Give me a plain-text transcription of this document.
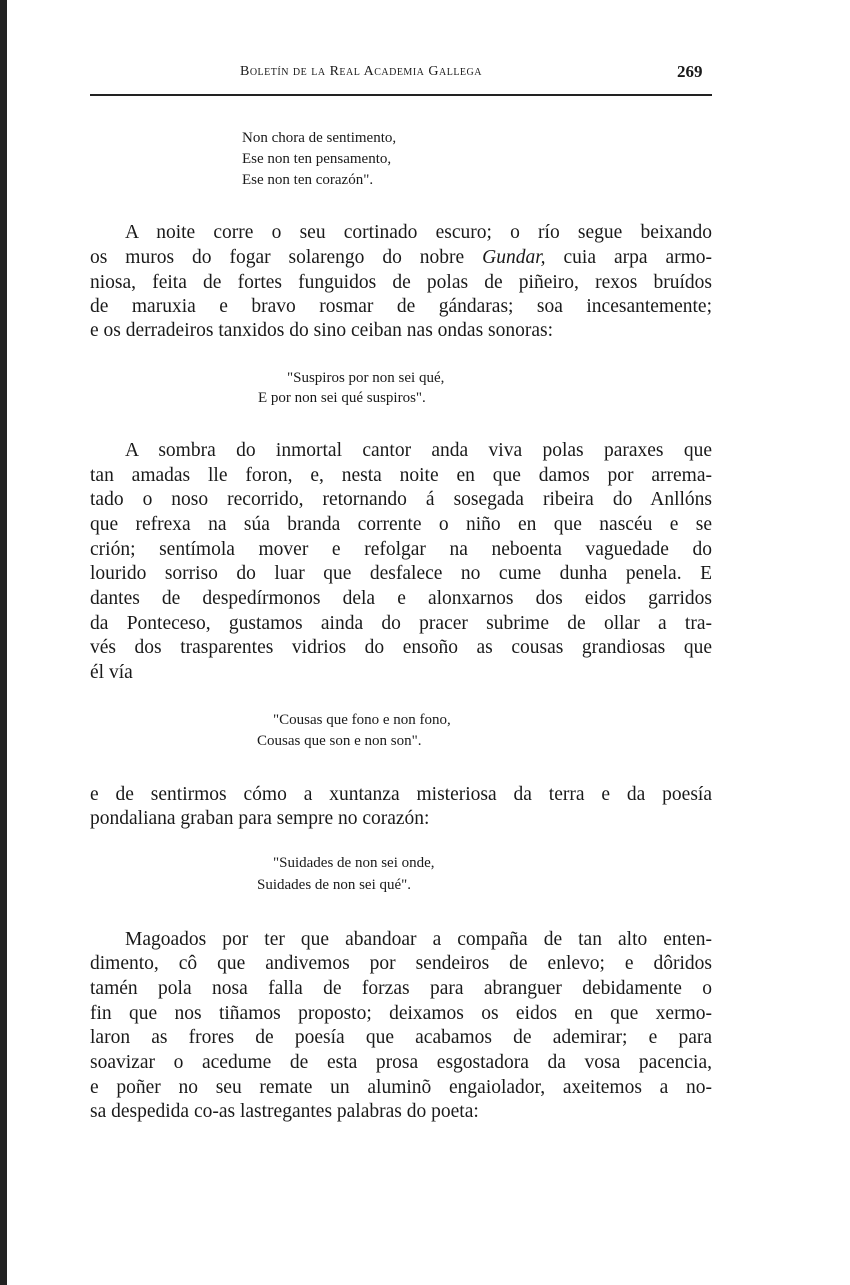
Boletín de la Real Academia Gallega	269
Non chora de sentimento,
Ese non ten pensamento,
Ese non ten corazón".
A noite corre o seu cortinado escuro; o río segue beixando
os muros do fogar solarengo do nobre Gundar, cuia arpa armo-
niosa, feita de fortes funguidos de polas de piñeiro, rexos bruídos
de maruxia e bravo rosmar de gándaras; soa incesantemente;
e os derradeiros tanxidos do sino ceiban nas ondas sonoras:
"Suspiros por non sei qué,
E por non sei qué suspiros".
A sombra do inmortal cantor anda viva polas paraxes que
tan amadas lle foron, e, nesta noite en que damos por arrema-
tado o noso recorrido, retornando á sosegada ribeira do Anllóns
que refrexa na súa branda corrente o niño en que nascéu e se
crión; sentímola mover e refolgar na neboenta vaguedade do
lourido sorriso do luar que desfalece no cume dunha penela. E
dantes de despedírmonos dela e alonxarnos dos eidos garridos
da Ponteceso, gustamos ainda do pracer subrime de ollar a tra-
vés dos trasparentes vidrios do ensoño as cousas grandiosas que
él vía
"Cousas que fono e non fono,
Cousas que son e non son".
e de sentirmos cómo a xuntanza misteriosa da terra e da poesía
pondaliana graban para sempre no corazón:
"Suidades de non sei onde,
Suidades de non sei qué".
Magoados por ter que abandoar a compaña de tan alto enten-
dimento, cô que andivemos por sendeiros de enlevo; e dôridos
tamén pola nosa falla de forzas para abranguer debidamente o
fin que nos tiñamos proposto; deixamos os eidos en que xermo-
laron as frores de poesía que acabamos de ademirar; e para
soavizar o acedume de esta prosa esgostadora da vosa pacencia,
e poñer no seu remate un aluminõ engaiolador, axeitemos a no-
sa despedida co-as lastregantes palabras do poeta:
